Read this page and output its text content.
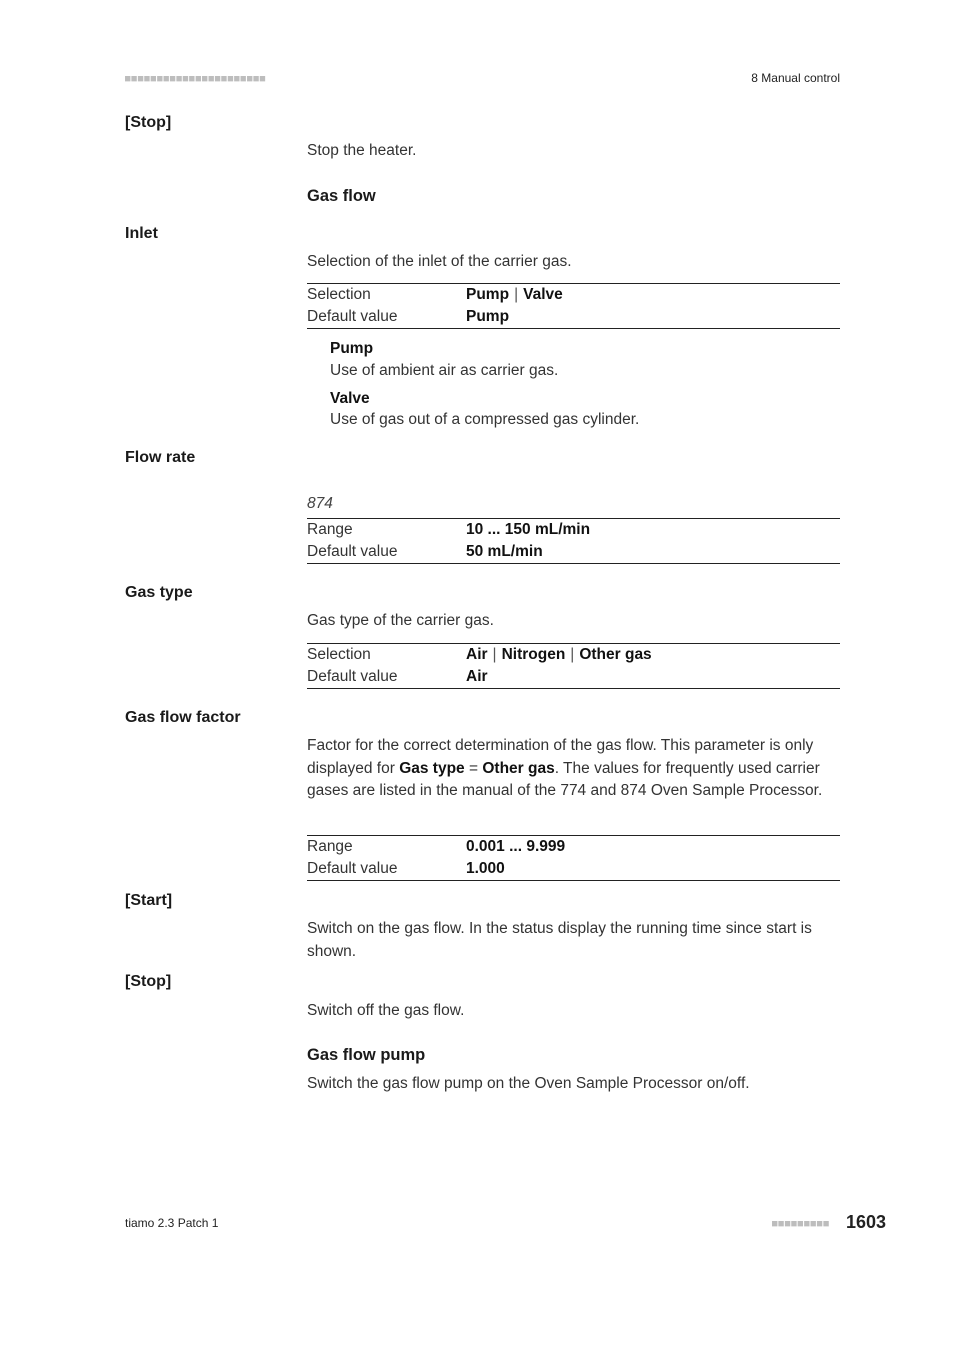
■■■■■■■■■■■■■■■■■■■■■■	8 Manual control
[Stop]
Stop the heater.
Gas flow
Inlet
Selection of the inlet of the carrier gas.
Selection	Pump | Valve
Default value	Pump
Pump
Use of ambient air as carrier gas.
Valve
Use of gas out of a compressed gas cylinder.
Flow rate
874
Range	10 ... 150 mL/min
Default value	50 mL/min
Gas type
Gas type of the carrier gas.
Selection	Air | Nitrogen | Other gas
Default value	Air
Gas flow factor
Factor for the correct determination of the gas flow. This parameter is only displayed for Gas type = Other gas. The values for frequently used carrier gases are listed in the manual of the 774 and 874 Oven Sample Processor.
Range	0.001 ... 9.999
Default value	1.000
[Start]
Switch on the gas flow. In the status display the running time since start is shown.
[Stop]
Switch off the gas flow.
Gas flow pump
Switch the gas flow pump on the Oven Sample Processor on/off.
tiamo 2.3 Patch 1	■■■■■■■■■ 1603
